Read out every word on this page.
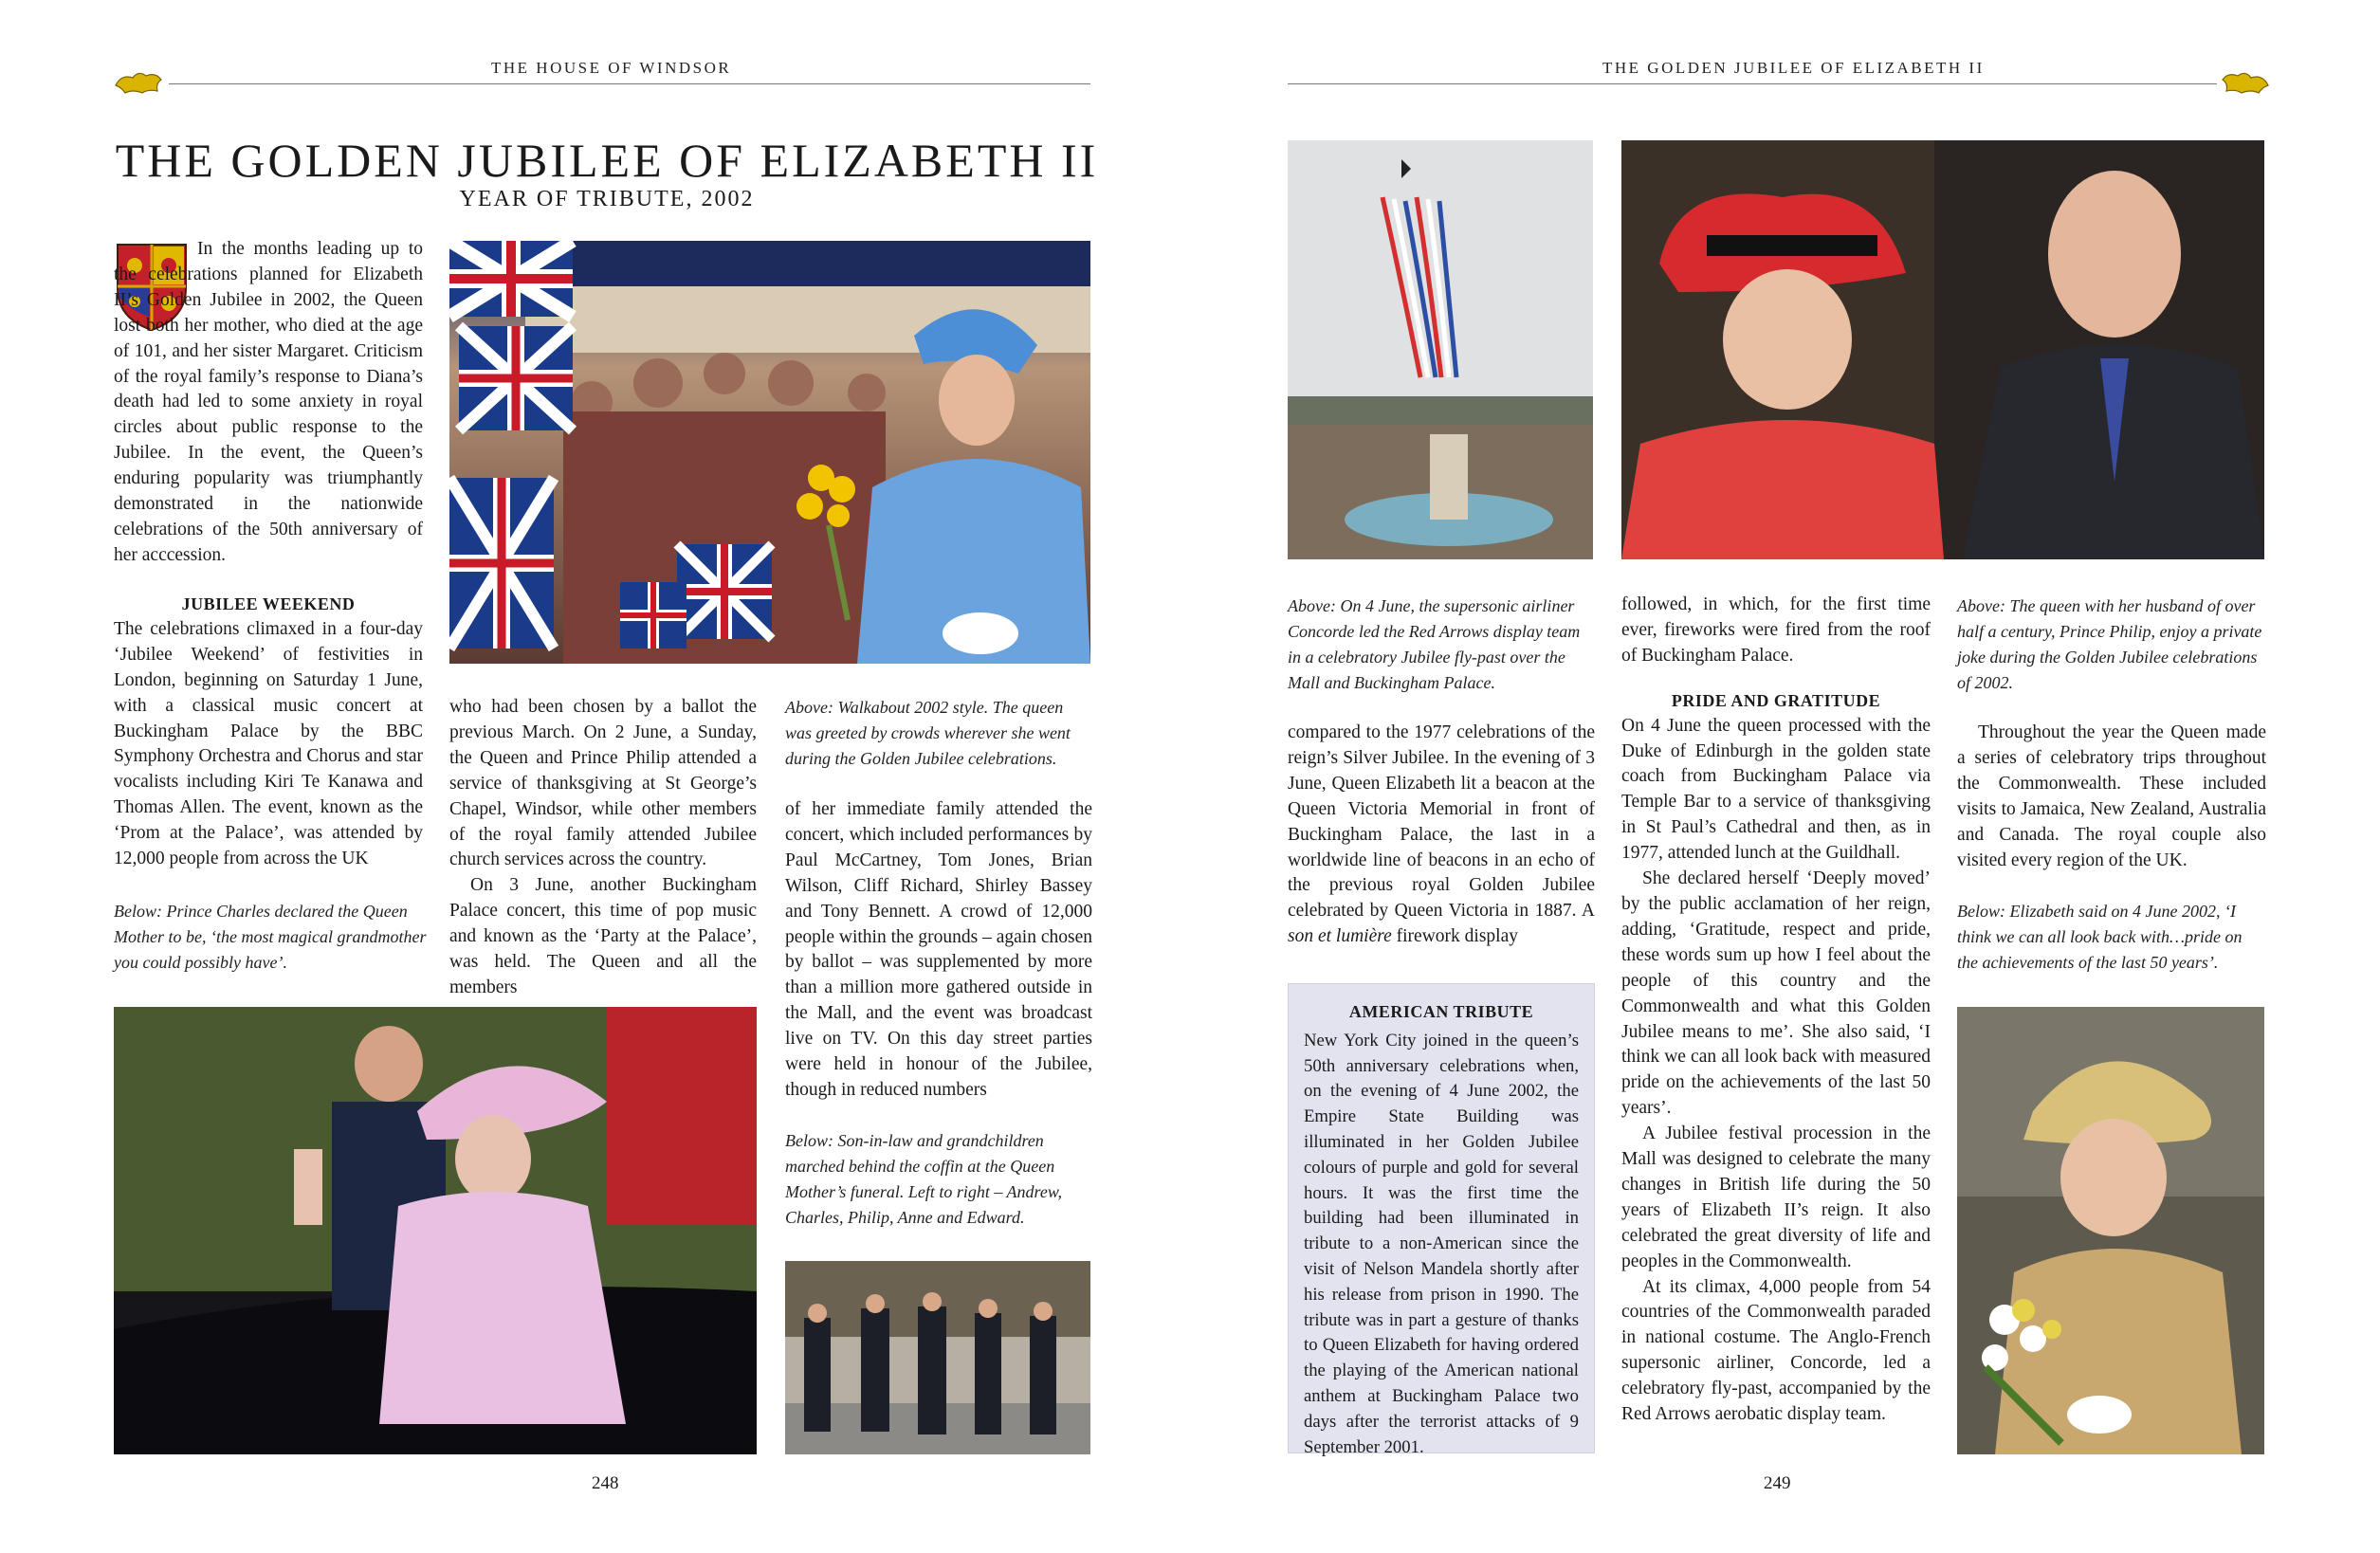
THE HOUSE OF WINDSOR
THE GOLDEN JUBILEE OF ELIZABETH II
YEAR OF TRIBUTE, 2002

In the months leading up to the celebrations planned for Elizabeth II’s Golden Jubilee in 2002, the Queen lost both her mother, who died at the age of 101, and her sister Margaret. Criticism of the royal family’s response to Diana’s death had led to some anxiety in royal circles about public response to the Jubilee. In the event, the Queen’s enduring popularity was triumphantly demonstrated in the nationwide celebrations of the 50th anniversary of her acccession.

JUBILEE WEEKEND

The celebrations climaxed in a four-day ‘Jubilee Weekend’ of festivities in London, beginning on Saturday 1 June, with a classical music concert at Buckingham Palace by the BBC Symphony Orchestra and Chorus and star vocalists including Kiri Te Kanawa and Thomas Allen. The event, known as the ‘Prom at the Palace’, was attended by 12,000 people from across the UK

Below: Prince Charles declared the Queen Mother to be, ‘the most magical grandmother you could possibly have’.

who had been chosen by a ballot the previous March. On 2 June, a Sunday, the Queen and Prince Philip attended a service of thanksgiving at St George’s Chapel, Windsor, while other members of the royal family attended Jubilee church services across the country.

On 3 June, another Buckingham Palace concert, this time of pop music and known as the ‘Party at the Palace’, was held. The Queen and all the members

Above: Walkabout 2002 style. The queen was greeted by crowds wherever she went during the Golden Jubilee celebrations.

of her immediate family attended the concert, which included performances by Paul McCartney, Tom Jones, Brian Wilson, Cliff Richard, Shirley Bassey and Tony Bennett. A crowd of 12,000 people within the grounds – again chosen by ballot – was supplemented by more than a million more gathered outside in the Mall, and the event was broadcast live on TV. On this day street parties were held in honour of the Jubilee, though in reduced numbers

Below: Son-in-law and grandchildren marched behind the coffin at the Queen Mother’s funeral. Left to right – Andrew, Charles, Philip, Anne and Edward.
248
THE GOLDEN JUBILEE OF ELIZABETH II
Above: On 4 June, the supersonic airliner Concorde led the Red Arrows display team in a celebratory Jubilee fly-past over the Mall and Buckingham Palace.

compared to the 1977 celebrations of the reign’s Silver Jubilee. In the evening of 3 June, Queen Elizabeth lit a beacon at the Queen Victoria Memorial in front of Buckingham Palace, the last in a worldwide line of beacons in an echo of the previous royal Golden Jubilee celebrated by Queen Victoria in 1887. A son et lumière firework display

AMERICAN TRIBUTE

New York City joined in the queen’s 50th anniversary celebrations when, on the evening of 4 June 2002, the Empire State Building was illuminated in her Golden Jubilee colours of purple and gold for several hours. It was the first time the building had been illuminated in tribute to a non-American since the visit of Nelson Mandela shortly after his release from prison in 1990. The tribute was in part a gesture of thanks to Queen Elizabeth for having ordered the playing of the American national anthem at Buckingham Palace two days after the terrorist attacks of 9 September 2001.

followed, in which, for the first time ever, fireworks were fired from the roof of Buckingham Palace.

PRIDE AND GRATITUDE

On 4 June the queen processed with the Duke of Edinburgh in the golden state coach from Buckingham Palace via Temple Bar to a service of thanksgiving in St Paul’s Cathedral and then, as in 1977, attended lunch at the Guildhall.

She declared herself ‘Deeply moved’ by the public acclamation of her reign, adding, ‘Gratitude, respect and pride, these words sum up how I feel about the people of this country and the Commonwealth and what this Golden Jubilee means to me’. She also said, ‘I think we can all look back with measured pride on the achievements of the last 50 years’.

A Jubilee festival procession in the Mall was designed to celebrate the many changes in British life during the 50 years of Elizabeth II’s reign. It also celebrated the great diversity of life and peoples in the Commonwealth.

At its climax, 4,000 people from 54 countries of the Commonwealth paraded in national costume. The Anglo-French supersonic airliner, Concorde, led a celebratory fly-past, accompanied by the Red Arrows aerobatic display team.

Above: The queen with her husband of over half a century, Prince Philip, enjoy a private joke during the Golden Jubilee celebrations of 2002.

Throughout the year the Queen made a series of celebratory trips throughout the Commonwealth. These included visits to Jamaica, New Zealand, Australia and Canada. The royal couple also visited every region of the UK.

Below: Elizabeth said on 4 June 2002, ‘I think we can all look back with…pride on the achievements of the last 50 years’.
249
